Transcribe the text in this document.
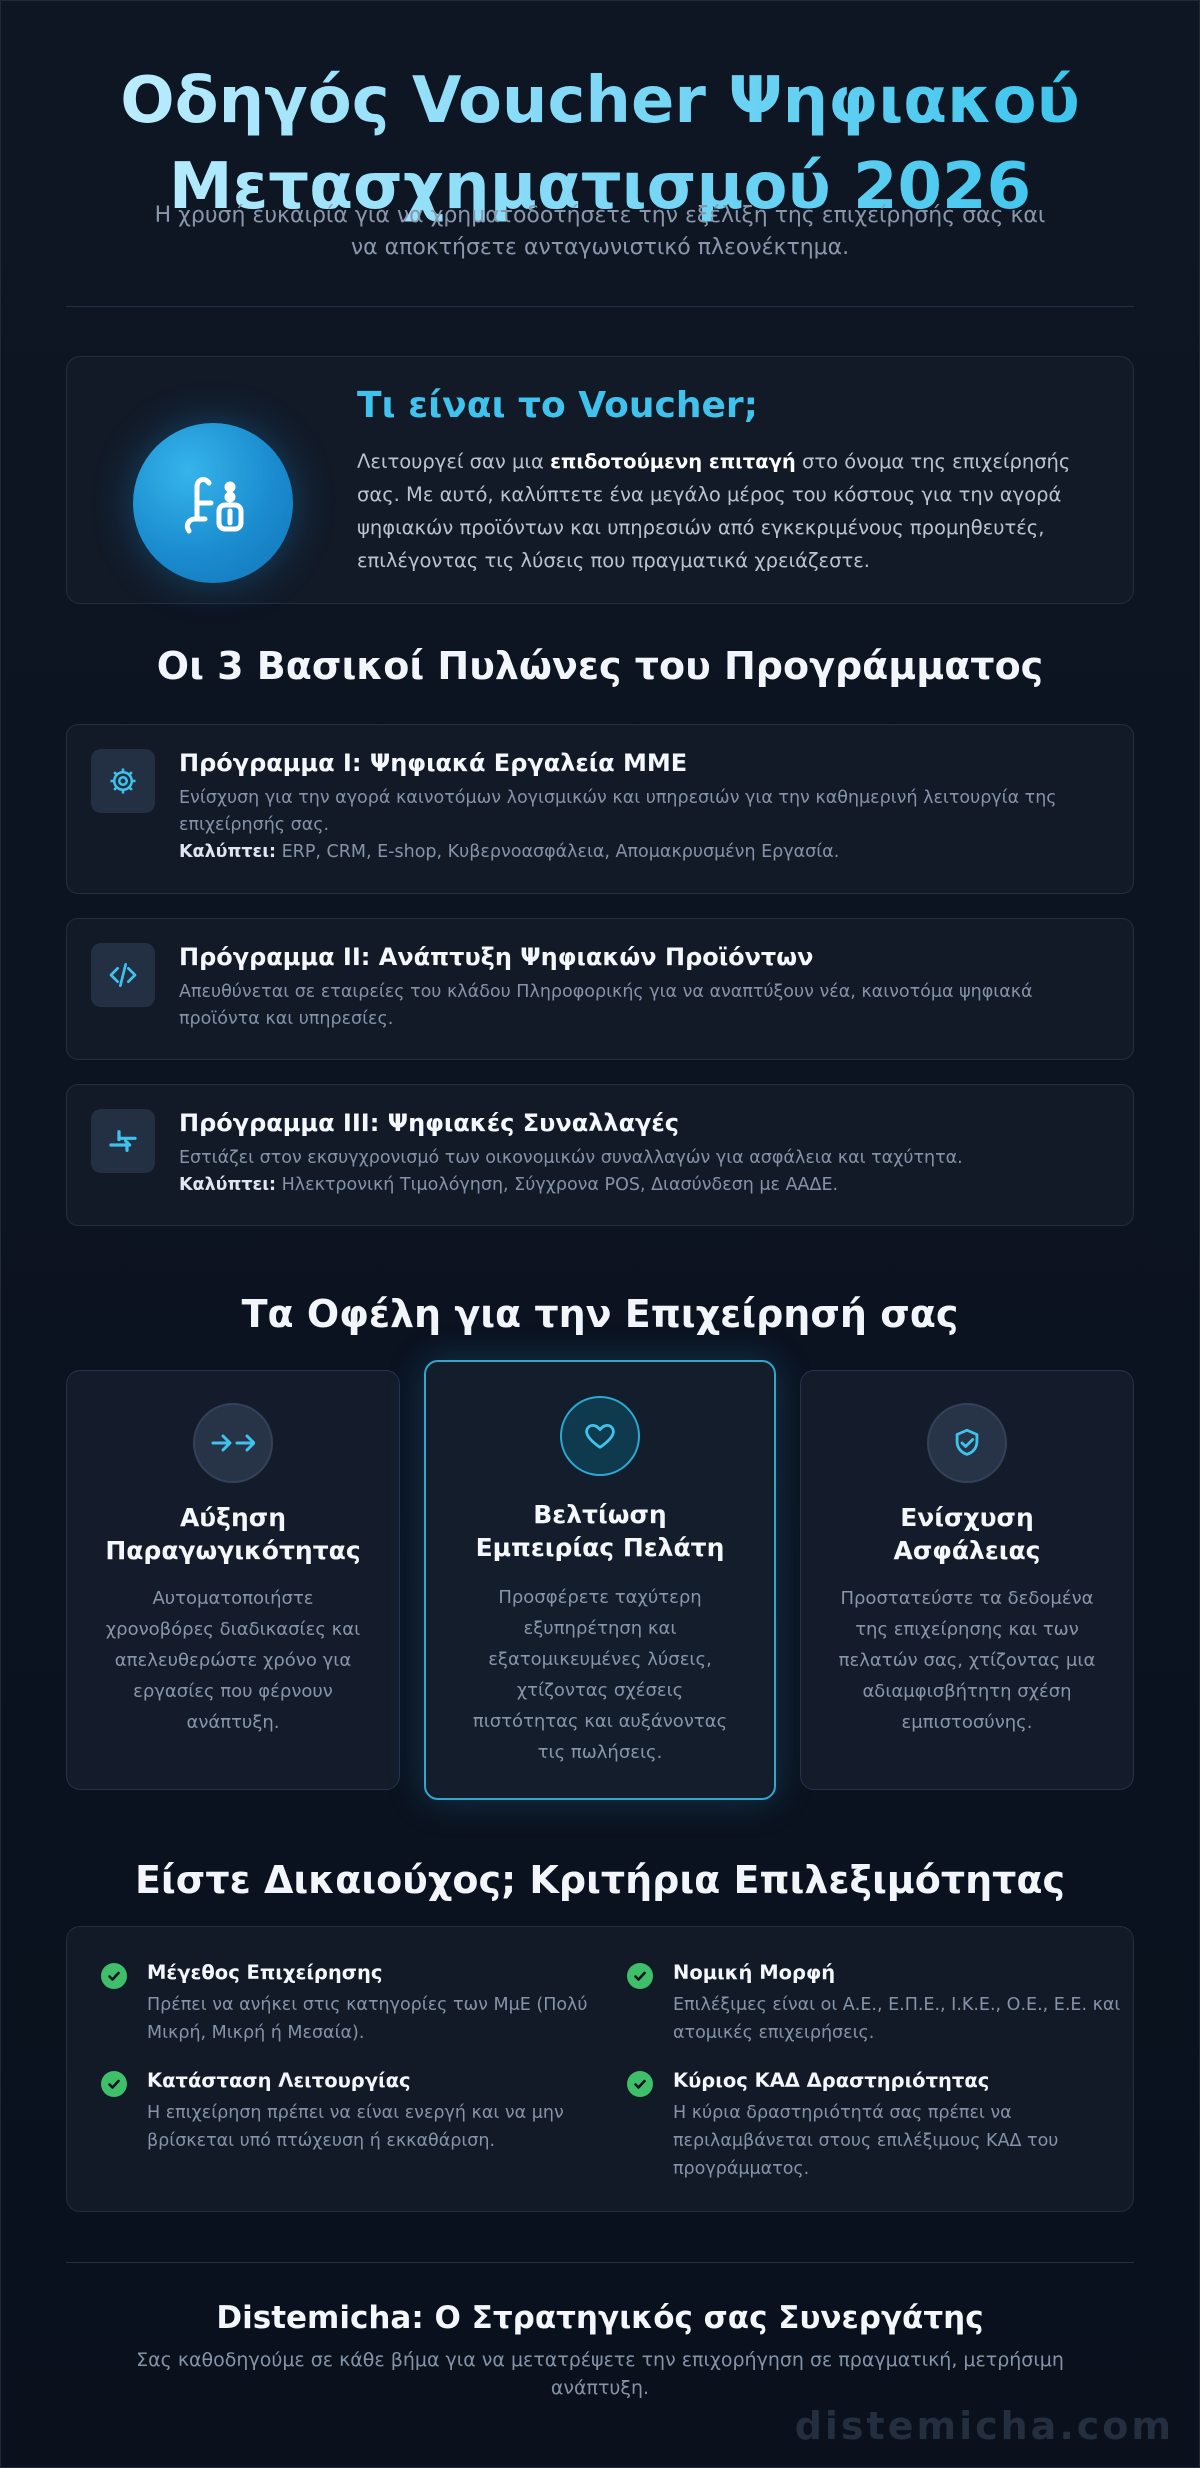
Οδηγός Voucher Ψηφιακού
Μετασχηματισμού 2026

Η χρυσή ευκαιρία για να χρηματοδοτήσετε την εξέλιξη της επιχείρησής σας και να αποκτήσετε ανταγωνιστικό πλεονέκτημα.

Τι είναι το Voucher;

Λειτουργεί σαν μια επιδοτούμενη επιταγή στο όνομα της επιχείρησής σας. Με αυτό, καλύπτετε ένα μεγάλο μέρος του κόστους για την αγορά ψηφιακών προϊόντων και υπηρεσιών από εγκεκριμένους προμηθευτές, επιλέγοντας τις λύσεις που πραγματικά χρειάζεστε.

Οι 3 Βασικοί Πυλώνες του Προγράμματος
Πρόγραμμα Ι: Ψηφιακά Εργαλεία ΜΜΕ
Ενίσχυση για την αγορά καινοτόμων λογισμικών και υπηρεσιών για την καθημερινή λειτουργία της επιχείρησής σας.
Καλύπτει: ERP, CRM, E-shop, Κυβερνοασφάλεια, Απομακρυσμένη Εργασία.
Πρόγραμμα ΙΙ: Ανάπτυξη Ψηφιακών Προϊόντων
Απευθύνεται σε εταιρείες του κλάδου Πληροφορικής για να αναπτύξουν νέα, καινοτόμα ψηφιακά προϊόντα και υπηρεσίες.
Πρόγραμμα ΙΙΙ: Ψηφιακές Συναλλαγές
Εστιάζει στον εκσυγχρονισμό των οικονομικών συναλλαγών για ασφάλεια και ταχύτητα.
Καλύπτει: Ηλεκτρονική Τιμολόγηση, Σύγχρονα POS, Διασύνδεση με ΑΑΔΕ.
Τα Οφέλη για την Επιχείρησή σας
Αύξηση
Παραγωγικότητας
Αυτοματοποιήστε χρονοβόρες διαδικασίες και απελευθερώστε χρόνο για εργασίες που φέρνουν ανάπτυξη.
Βελτίωση
Εμπειρίας Πελάτη
Προσφέρετε ταχύτερη εξυπηρέτηση και εξατομικευμένες λύσεις, χτίζοντας σχέσεις πιστότητας και αυξάνοντας τις πωλήσεις.
Ενίσχυση
Ασφάλειας
Προστατεύστε τα δεδομένα της επιχείρησης και των πελατών σας, χτίζοντας μια αδιαμφισβήτητη σχέση εμπιστοσύνης.
Είστε Δικαιούχος; Κριτήρια Επιλεξιμότητας
Μέγεθος Επιχείρησης
Πρέπει να ανήκει στις κατηγορίες των ΜμΕ (Πολύ Μικρή, Μικρή ή Μεσαία).
Νομική Μορφή
Επιλέξιμες είναι οι Α.Ε., Ε.Π.Ε., Ι.Κ.Ε., Ο.Ε., Ε.Ε. και ατομικές επιχειρήσεις.
Κατάσταση Λειτουργίας
Η επιχείρηση πρέπει να είναι ενεργή και να μην βρίσκεται υπό πτώχευση ή εκκαθάριση.
Κύριος ΚΑΔ Δραστηριότητας
Η κύρια δραστηριότητά σας πρέπει να περιλαμβάνεται στους επιλέξιμους ΚΑΔ του προγράμματος.
Distemicha: Ο Στρατηγικός σας Συνεργάτης

Σας καθοδηγούμε σε κάθε βήμα για να μετατρέψετε την επιχορήγηση σε πραγματική, μετρήσιμη ανάπτυξη.

distemicha.com
